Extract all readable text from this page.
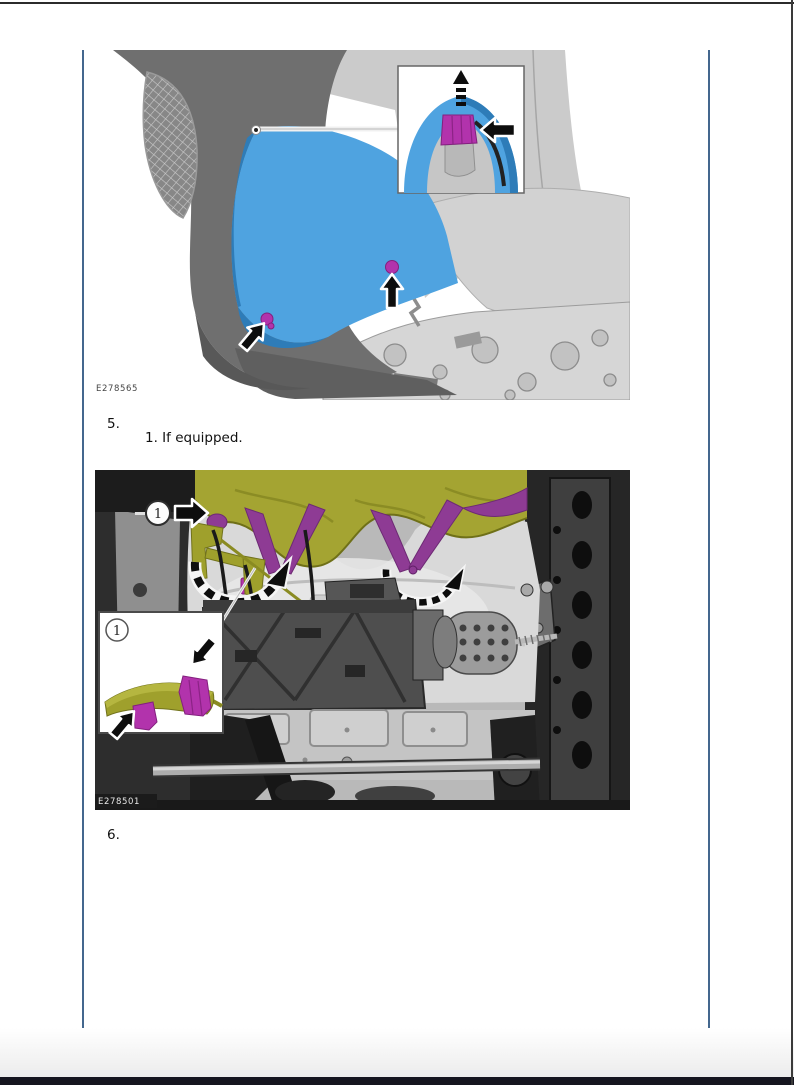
E278565
5.
1. If equipped.
1
1
E278501
6.
